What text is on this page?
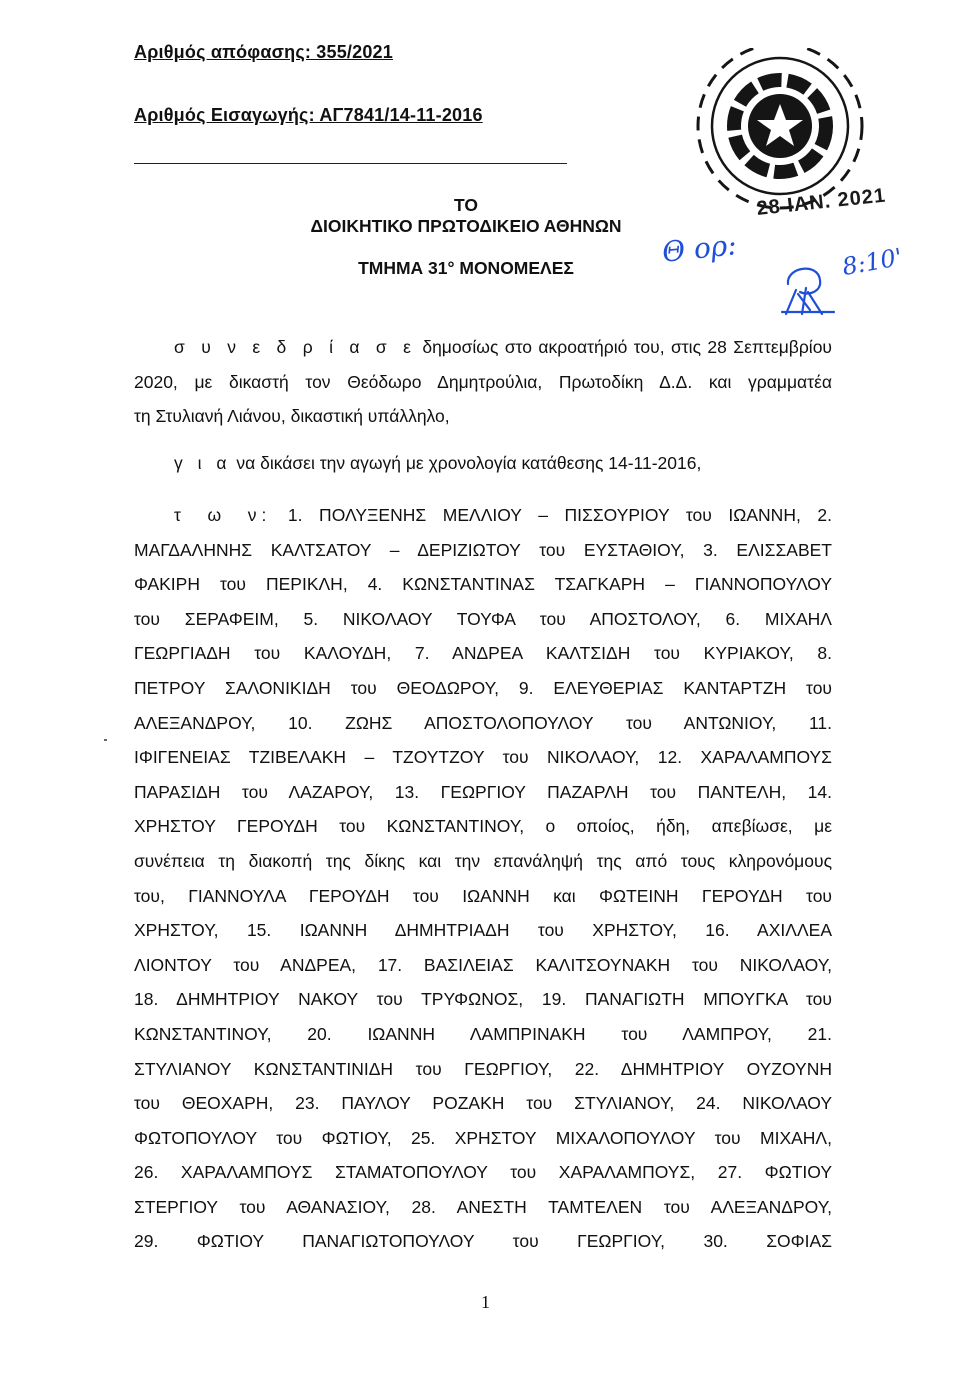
Αριθμός απόφασης: 355/2021
Αριθμός Εισαγωγής: ΑΓ7841/14-11-2016
ΤΟ
ΔΙΟΙΚΗΤΙΚΟ ΠΡΩΤΟΔΙΚΕΙΟ ΑΘΗΝΩΝ
ΤΜΗΜΑ 31° ΜΟΝΟΜΕΛΕΣ
28 ΙΑΝ. 2021
Θ ορ:	8:10'
σ υ ν ε δ ρ ί α σ ε δημοσίως στο ακροατήριό του, στις 28 Σεπτεμβρίου
2020, με δικαστή τον Θεόδωρο Δημητρούλια, Πρωτοδίκη Δ.Δ. και γραμματέα
τη Στυλιανή Λιάνου, δικαστική υπάλληλο,
γ ι α να δικάσει την αγωγή με χρονολογία κατάθεσης 14-11-2016,
τ ω ν: 1. ΠΟΛΥΞΕΝΗΣ ΜΕΛΛΙΟΥ – ΠΙΣΣΟΥΡΙΟΥ του ΙΩΑΝΝΗ, 2.
ΜΑΓΔΑΛΗΝΗΣ ΚΑΛΤΣΑΤΟΥ – ΔΕΡΙΖΙΩΤΟΥ του ΕΥΣΤΑΘΙΟΥ, 3. ΕΛΙΣΣΑΒΕΤ
ΦΑΚΙΡΗ του ΠΕΡΙΚΛΗ, 4. ΚΩΝΣΤΑΝΤΙΝΑΣ ΤΣΑΓΚΑΡΗ – ΓΙΑΝΝΟΠΟΥΛΟΥ
του ΣΕΡΑΦΕΙΜ, 5. ΝΙΚΟΛΑΟΥ ΤΟΥΦΑ του ΑΠΟΣΤΟΛΟΥ, 6. ΜΙΧΑΗΛ
ΓΕΩΡΓΙΑΔΗ του ΚΑΛΟΥΔΗ, 7. ΑΝΔΡΕΑ ΚΑΛΤΣΙΔΗ του ΚΥΡΙΑΚΟΥ, 8.
ΠΕΤΡΟΥ ΣΑΛΟΝΙΚΙΔΗ του ΘΕΟΔΩΡΟΥ, 9. ΕΛΕΥΘΕΡΙΑΣ ΚΑΝΤΑΡΤΖΗ του
ΑΛΕΞΑΝΔΡΟΥ, 10. ΖΩΗΣ ΑΠΟΣΤΟΛΟΠΟΥΛΟΥ του ΑΝΤΩΝΙΟΥ, 11.
ΙΦΙΓΕΝΕΙΑΣ ΤΖΙΒΕΛΑΚΗ – ΤΖΟΥΤΖΟΥ του ΝΙΚΟΛΑΟΥ, 12. ΧΑΡΑΛΑΜΠΟΥΣ
ΠΑΡΑΣΙΔΗ του ΛΑΖΑΡΟΥ, 13. ΓΕΩΡΓΙΟΥ ΠΑΖΑΡΛΗ του ΠΑΝΤΕΛΗ, 14.
ΧΡΗΣΤΟΥ ΓΕΡΟΥΔΗ του ΚΩΝΣΤΑΝΤΙΝΟΥ, ο οποίος, ήδη, απεβίωσε, με
συνέπεια τη διακοπή της δίκης και την επανάληψή της από τους κληρονόμους
του, ΓΙΑΝΝΟΥΛΑ ΓΕΡΟΥΔΗ του ΙΩΑΝΝΗ και ΦΩΤΕΙΝΗ ΓΕΡΟΥΔΗ του
ΧΡΗΣΤΟΥ, 15. ΙΩΑΝΝΗ ΔΗΜΗΤΡΙΑΔΗ του ΧΡΗΣΤΟΥ, 16. ΑΧΙΛΛΕΑ
ΛΙΟΝΤΟΥ του ΑΝΔΡΕΑ, 17. ΒΑΣΙΛΕΙΑΣ ΚΑΛΙΤΣΟΥΝΑΚΗ του ΝΙΚΟΛΑΟΥ,
18. ΔΗΜΗΤΡΙΟΥ ΝΑΚΟΥ του ΤΡΥΦΩΝΟΣ, 19. ΠΑΝΑΓΙΩΤΗ ΜΠΟΥΓΚΑ του
ΚΩΝΣΤΑΝΤΙΝΟΥ, 20. ΙΩΑΝΝΗ ΛΑΜΠΡΙΝΑΚΗ του ΛΑΜΠΡΟΥ, 21.
ΣΤΥΛΙΑΝΟΥ ΚΩΝΣΤΑΝΤΙΝΙΔΗ του ΓΕΩΡΓΙΟΥ, 22. ΔΗΜΗΤΡΙΟΥ ΟΥΖΟΥΝΗ
του ΘΕΟΧΑΡΗ, 23. ΠΑΥΛΟΥ ΡΟΖΑΚΗ του ΣΤΥΛΙΑΝΟΥ, 24. ΝΙΚΟΛΑΟΥ
ΦΩΤΟΠΟΥΛΟΥ του ΦΩΤΙΟΥ, 25. ΧΡΗΣΤΟΥ ΜΙΧΑΛΟΠΟΥΛΟΥ του ΜΙΧΑΗΛ,
26. ΧΑΡΑΛΑΜΠΟΥΣ ΣΤΑΜΑΤΟΠΟΥΛΟΥ του ΧΑΡΑΛΑΜΠΟΥΣ, 27. ΦΩΤΙΟΥ
ΣΤΕΡΓΙΟΥ του ΑΘΑΝΑΣΙΟΥ, 28. ΑΝΕΣΤΗ ΤΑΜΤΕΛΕΝ του ΑΛΕΞΑΝΔΡΟΥ,
29. ΦΩΤΙΟΥ ΠΑΝΑΓΙΩΤΟΠΟΥΛΟΥ του ΓΕΩΡΓΙΟΥ, 30. ΣΟΦΙΑΣ
1
